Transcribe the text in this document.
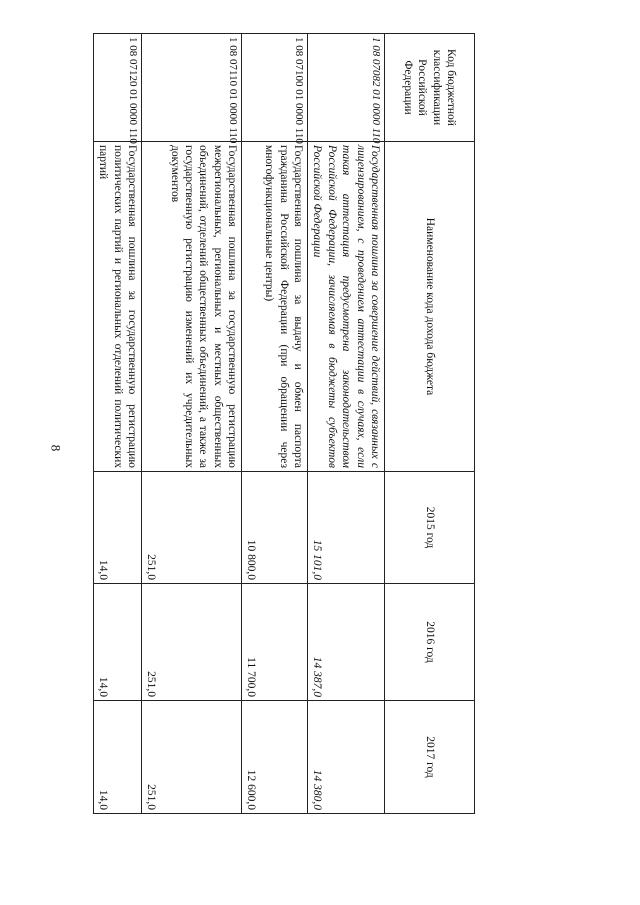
8
Код бюджетной классификации Российской Федерации	Наименование кода дохода бюджета	2015 год	2016 год	2017 год
1 08 07082 01 0000 110	Государственная пошлина за совершение действий, связанных с лицензированием, с проведением аттестации в случаях, если такая аттестация предусмотрена законодательством Российской Федерации, зачисляемая в бюджеты субъектов Российской Федерации	15 101,0	14 387,0	14 380,0
1 08 07100 01 0000 110	Государственная пошлина за выдачу и обмен паспорта гражданина Российской Федерации (при обращении через многофункциональные центры)	10 800,0	11 700,0	12 600,0
1 08 07110 01 0000 110	Государственная пошлина за государственную регистрацию межрегиональных, региональных и местных общественных объединений, отделений общественных объединений, а также за государственную регистрацию изменений их учредительных документов	251,0	251,0	251,0
1 08 07120 01 0000 110	Государственная пошлина за государственную регистрацию политических партий и региональных отделений политических партий	14,0	14,0	14,0
